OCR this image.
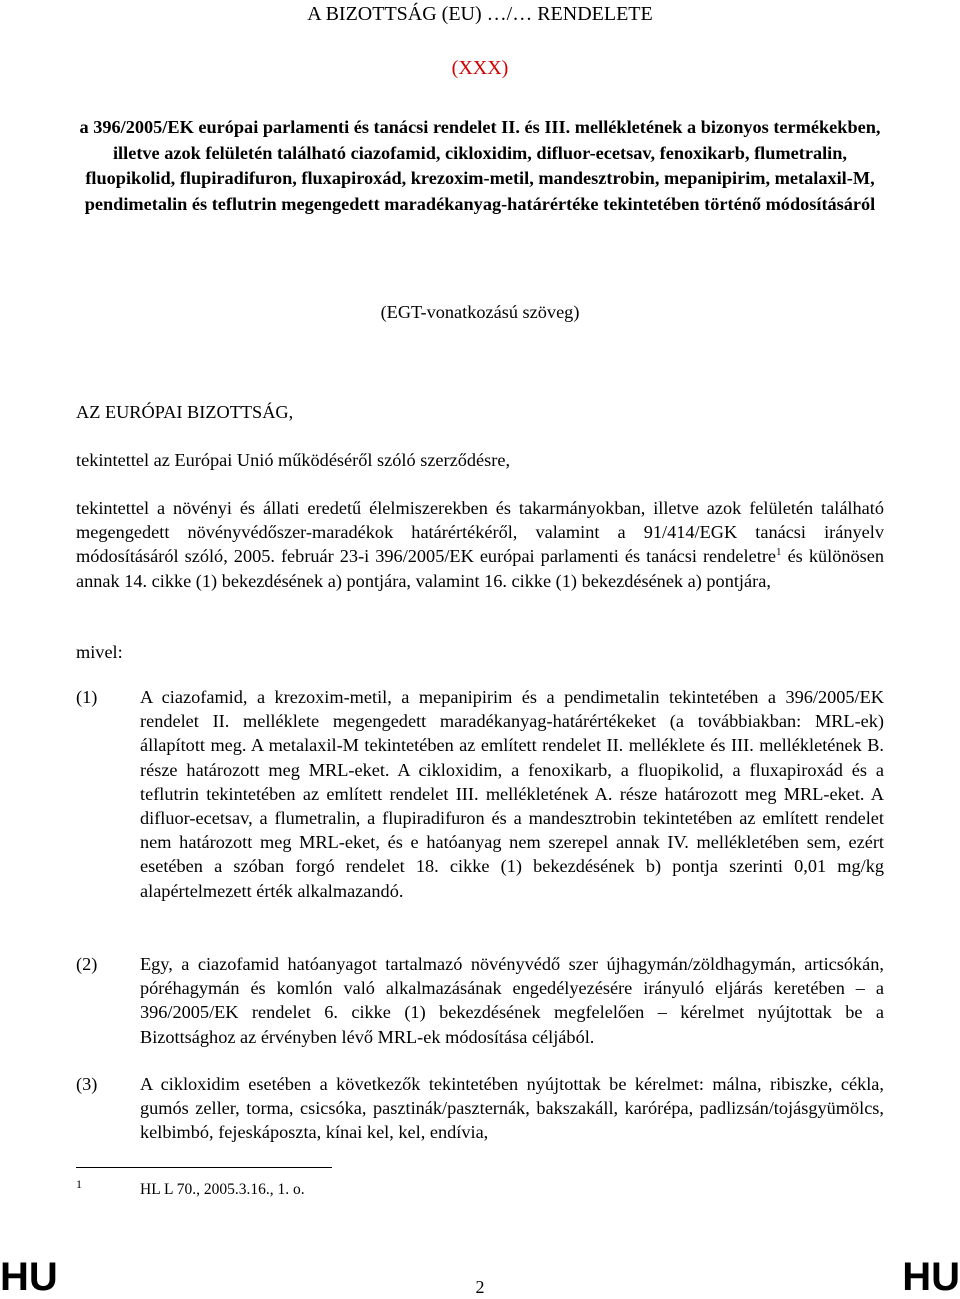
A BIZOTTSÁG (EU) …/… RENDELETE
(XXX)

a 396/2005/EK európai parlamenti és tanácsi rendelet II. és III. mellékletének a bizonyos termékekben, illetve azok felületén található ciazofamid, cikloxidim, difluor-ecetsav, fenoxikarb, flumetralin, fluopikolid, flupiradifuron, fluxapiroxád, krezoxim-metil, mandesztrobin, mepanipirim, metalaxil-M, pendimetalin és teflutrin megengedett maradékanyag-határértéke tekintetében történő módosításáról

(EGT-vonatkozású szöveg)

AZ EURÓPAI BIZOTTSÁG,

tekintettel az Európai Unió működéséről szóló szerződésre,

tekintettel a növényi és állati eredetű élelmiszerekben és takarmányokban, illetve azok felületén található megengedett növényvédőszer-maradékok határértékéről, valamint a 91/414/EGK tanácsi irányelv módosításáról szóló, 2005. február 23-i 396/2005/EK európai parlamenti és tanácsi rendeletre$^1$ és különösen annak 14. cikke (1) bekezdésének a) pontjára, valamint 16. cikke (1) bekezdésének a) pontjára,

mivel:

(1) A ciazofamid, a krezoxim-metil, a mepanipirim és a pendimetalin tekintetében a 396/2005/EK rendelet II. melléklete megengedett maradékanyag-határértékeket (a továbbiakban: MRL-ek) állapított meg. A metalaxil-M tekintetében az említett rendelet II. melléklete és III. mellékletének B. része határozott meg MRL-eket. A cikloxidim, a fenoxikarb, a fluopikolid, a fluxapiroxád és a teflutrin tekintetében az említett rendelet III. mellékletének A. része határozott meg MRL-eket. A difluor-ecetsav, a flumetralin, a flupiradifuron és a mandesztrobin tekintetében az említett rendelet nem határozott meg MRL-eket, és e hatóanyag nem szerepel annak IV. mellékletében sem, ezért esetében a szóban forgó rendelet 18. cikke (1) bekezdésének b) pontja szerinti 0,01 mg/kg alapértelmezett érték alkalmazandó.

(2) Egy, a ciazofamid hatóanyagot tartalmazó növényvédő szer újhagymán/zöldhagymán, articsókán, póréhagymán és komlón való alkalmazásának engedélyezésére irányuló eljárás keretében – a 396/2005/EK rendelet 6. cikke (1) bekezdésének megfelelően – kérelmet nyújtottak be a Bizottsághoz az érvényben lévő MRL-ek módosítása céljából.

(3) A cikloxidim esetében a következők tekintetében nyújtottak be kérelmet: málna, ribiszke, cékla, gumós zeller, torma, csicsóka, pasztinák/paszternák, bakszakáll, karórépa, padlizsán/tojásgyümölcs, kelbimbó, fejeskáposzta, kínai kel, kel, endívia,

1	HL L 70., 2005.3.16., 1. o.
HU	2	HU
